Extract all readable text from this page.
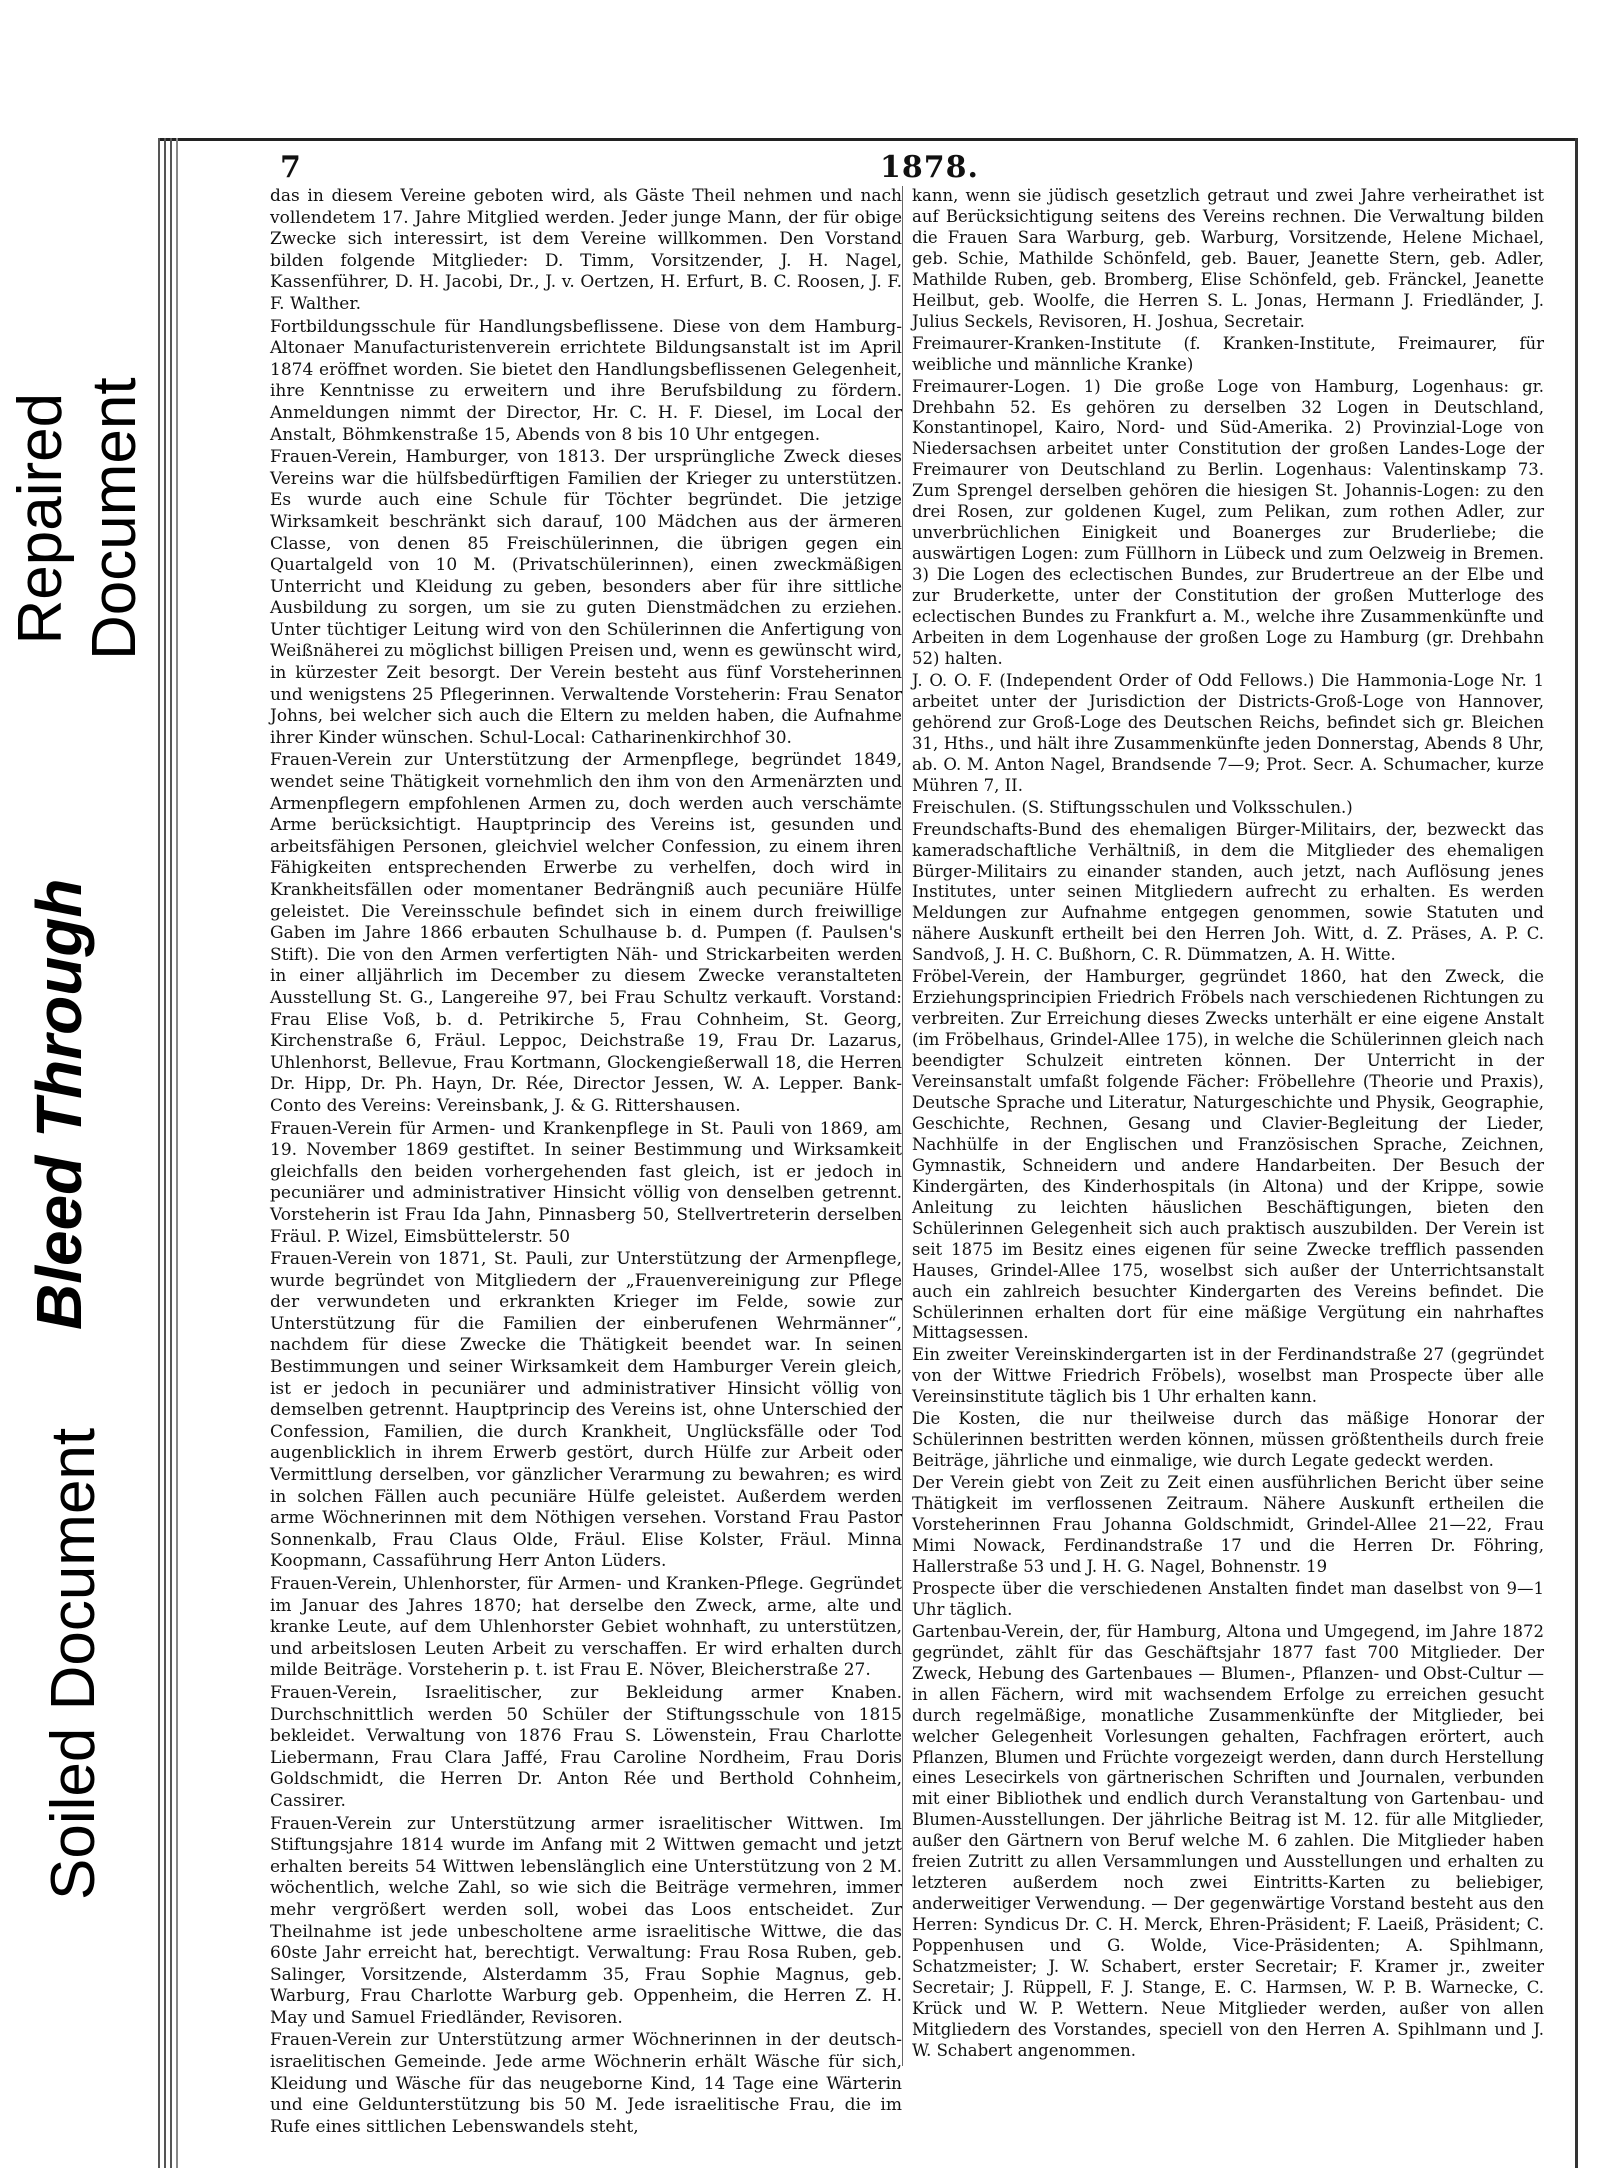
Soiled Document
Bleed Through
Repaired Document
7	1878.

das in diesem Vereine geboten wird, als Gäste Theil nehmen und nach vollendetem 17. Jahre Mitglied werden. Jeder junge Mann, der für obige Zwecke sich interessirt, ist dem Vereine willkommen. Den Vorstand bilden folgende Mitglieder: D. Timm, Vorsitzender, J. H. Nagel, Kassenführer, D. H. Jacobi, Dr., J. v. Oertzen, H. Erfurt, B. C. Roosen, J. F. F. Walther.

Fortbildungsschule für Handlungsbeflissene. Diese von dem Hamburg-Altonaer Manufacturistenverein errichtete Bildungsanstalt ist im April 1874 eröffnet worden. Sie bietet den Handlungsbeflissenen Gelegenheit, ihre Kenntnisse zu erweitern und ihre Berufsbildung zu fördern. Anmeldungen nimmt der Director, Hr. C. H. F. Diesel, im Local der Anstalt, Böhmkenstraße 15, Abends von 8 bis 10 Uhr entgegen.

Frauen-Verein, Hamburger, von 1813. Der ursprüngliche Zweck dieses Vereins war die hülfsbedürftigen Familien der Krieger zu unterstützen. Es wurde auch eine Schule für Töchter begründet. Die jetzige Wirksamkeit beschränkt sich darauf, 100 Mädchen aus der ärmeren Classe, von denen 85 Freischülerinnen, die übrigen gegen ein Quartalgeld von 10 M. (Privatschülerinnen), einen zweckmäßigen Unterricht und Kleidung zu geben, besonders aber für ihre sittliche Ausbildung zu sorgen, um sie zu guten Dienstmädchen zu erziehen. Unter tüchtiger Leitung wird von den Schülerinnen die Anfertigung von Weißnäherei zu möglichst billigen Preisen und, wenn es gewünscht wird, in kürzester Zeit besorgt. Der Verein besteht aus fünf Vorsteherinnen und wenigstens 25 Pflegerinnen. Verwaltende Vorsteherin: Frau Senator Johns, bei welcher sich auch die Eltern zu melden haben, die Aufnahme ihrer Kinder wünschen. Schul-Local: Catharinenkirchhof 30.

Frauen-Verein zur Unterstützung der Armenpflege, begründet 1849, wendet seine Thätigkeit vornehmlich den ihm von den Armenärzten und Armenpflegern empfohlenen Armen zu, doch werden auch verschämte Arme berücksichtigt. Hauptprincip des Vereins ist, gesunden und arbeitsfähigen Personen, gleichviel welcher Confession, zu einem ihren Fähigkeiten entsprechenden Erwerbe zu verhelfen, doch wird in Krankheitsfällen oder momentaner Bedrängniß auch pecuniäre Hülfe geleistet. Die Vereinsschule befindet sich in einem durch freiwillige Gaben im Jahre 1866 erbauten Schulhause b. d. Pumpen (f. Paulsen's Stift). Die von den Armen verfertigten Näh- und Strickarbeiten werden in einer alljährlich im December zu diesem Zwecke veranstalteten Ausstellung St. G., Langereihe 97, bei Frau Schultz verkauft. Vorstand: Frau Elise Voß, b. d. Petrikirche 5, Frau Cohnheim, St. Georg, Kirchenstraße 6, Fräul. Leppoc, Deichstraße 19, Frau Dr. Lazarus, Uhlenhorst, Bellevue, Frau Kortmann, Glockengießerwall 18, die Herren Dr. Hipp, Dr. Ph. Hayn, Dr. Rée, Director Jessen, W. A. Lepper. Bank-Conto des Vereins: Vereinsbank, J. & G. Rittershausen.

Frauen-Verein für Armen- und Krankenpflege in St. Pauli von 1869, am 19. November 1869 gestiftet. In seiner Bestimmung und Wirksamkeit gleichfalls den beiden vorhergehenden fast gleich, ist er jedoch in pecuniärer und administrativer Hinsicht völlig von denselben getrennt. Vorsteherin ist Frau Ida Jahn, Pinnasberg 50, Stellvertreterin derselben Fräul. P. Wizel, Eimsbüttelerstr. 50

Frauen-Verein von 1871, St. Pauli, zur Unterstützung der Armenpflege, wurde begründet von Mitgliedern der „Frauenvereinigung zur Pflege der verwundeten und erkrankten Krieger im Felde, sowie zur Unterstützung für die Familien der einberufenen Wehrmänner“, nachdem für diese Zwecke die Thätigkeit beendet war. In seinen Bestimmungen und seiner Wirksamkeit dem Hamburger Verein gleich, ist er jedoch in pecuniärer und administrativer Hinsicht völlig von demselben getrennt. Hauptprincip des Vereins ist, ohne Unterschied der Confession, Familien, die durch Krankheit, Unglücksfälle oder Tod augenblicklich in ihrem Erwerb gestört, durch Hülfe zur Arbeit oder Vermittlung derselben, vor gänzlicher Verarmung zu bewahren; es wird in solchen Fällen auch pecuniäre Hülfe geleistet. Außerdem werden arme Wöchnerinnen mit dem Nöthigen versehen. Vorstand Frau Pastor Sonnenkalb, Frau Claus Olde, Fräul. Elise Kolster, Fräul. Minna Koopmann, Cassaführung Herr Anton Lüders.

Frauen-Verein, Uhlenhorster, für Armen- und Kranken-Pflege. Gegründet im Januar des Jahres 1870; hat derselbe den Zweck, arme, alte und kranke Leute, auf dem Uhlenhorster Gebiet wohnhaft, zu unterstützen, und arbeitslosen Leuten Arbeit zu verschaffen. Er wird erhalten durch milde Beiträge. Vorsteherin p. t. ist Frau E. Növer, Bleicherstraße 27.

Frauen-Verein, Israelitischer, zur Bekleidung armer Knaben. Durchschnittlich werden 50 Schüler der Stiftungsschule von 1815 bekleidet. Verwaltung von 1876 Frau S. Löwenstein, Frau Charlotte Liebermann, Frau Clara Jaffé, Frau Caroline Nordheim, Frau Doris Goldschmidt, die Herren Dr. Anton Rée und Berthold Cohnheim, Cassirer.

Frauen-Verein zur Unterstützung armer israelitischer Wittwen. Im Stiftungsjahre 1814 wurde im Anfang mit 2 Wittwen gemacht und jetzt erhalten bereits 54 Wittwen lebenslänglich eine Unterstützung von 2 M. wöchentlich, welche Zahl, so wie sich die Beiträge vermehren, immer mehr vergrößert werden soll, wobei das Loos entscheidet. Zur Theilnahme ist jede unbescholtene arme israelitische Wittwe, die das 60ste Jahr erreicht hat, berechtigt. Verwaltung: Frau Rosa Ruben, geb. Salinger, Vorsitzende, Alsterdamm 35, Frau Sophie Magnus, geb. Warburg, Frau Charlotte Warburg geb. Oppenheim, die Herren Z. H. May und Samuel Friedländer, Revisoren.

Frauen-Verein zur Unterstützung armer Wöchnerinnen in der deutsch-israelitischen Gemeinde. Jede arme Wöchnerin erhält Wäsche für sich, Kleidung und Wäsche für das neugeborne Kind, 14 Tage eine Wärterin und eine Geldunterstützung bis 50 M. Jede israelitische Frau, die im Rufe eines sittlichen Lebenswandels steht,

kann, wenn sie jüdisch gesetzlich getraut und zwei Jahre verheirathet ist auf Berücksichtigung seitens des Vereins rechnen. Die Verwaltung bilden die Frauen Sara Warburg, geb. Warburg, Vorsitzende, Helene Michael, geb. Schie, Mathilde Schönfeld, geb. Bauer, Jeanette Stern, geb. Adler, Mathilde Ruben, geb. Bromberg, Elise Schönfeld, geb. Fränckel, Jeanette Heilbut, geb. Woolfe, die Herren S. L. Jonas, Hermann J. Friedländer, J. Julius Seckels, Revisoren, H. Joshua, Secretair.

Freimaurer-Kranken-Institute (f. Kranken-Institute, Freimaurer, für weibliche und männliche Kranke)

Freimaurer-Logen. 1) Die große Loge von Hamburg, Logenhaus: gr. Drehbahn 52. Es gehören zu derselben 32 Logen in Deutschland, Konstantinopel, Kairo, Nord- und Süd-Amerika. 2) Provinzial-Loge von Niedersachsen arbeitet unter Constitution der großen Landes-Loge der Freimaurer von Deutschland zu Berlin. Logenhaus: Valentinskamp 73. Zum Sprengel derselben gehören die hiesigen St. Johannis-Logen: zu den drei Rosen, zur goldenen Kugel, zum Pelikan, zum rothen Adler, zur unverbrüchlichen Einigkeit und Boanerges zur Bruderliebe; die auswärtigen Logen: zum Füllhorn in Lübeck und zum Oelzweig in Bremen. 3) Die Logen des eclectischen Bundes, zur Brudertreue an der Elbe und zur Bruderkette, unter der Constitution der großen Mutterloge des eclectischen Bundes zu Frankfurt a. M., welche ihre Zusammenkünfte und Arbeiten in dem Logenhause der großen Loge zu Hamburg (gr. Drehbahn 52) halten.

J. O. O. F. (Independent Order of Odd Fellows.) Die Hammonia-Loge Nr. 1 arbeitet unter der Jurisdiction der Districts-Groß-Loge von Hannover, gehörend zur Groß-Loge des Deutschen Reichs, befindet sich gr. Bleichen 31, Hths., und hält ihre Zusammenkünfte jeden Donnerstag, Abends 8 Uhr, ab. O. M. Anton Nagel, Brandsende 7—9; Prot. Secr. A. Schumacher, kurze Mühren 7, II.

Freischulen. (S. Stiftungsschulen und Volksschulen.)

Freundschafts-Bund des ehemaligen Bürger-Militairs, der, bezweckt das kameradschaftliche Verhältniß, in dem die Mitglieder des ehemaligen Bürger-Militairs zu einander standen, auch jetzt, nach Auflösung jenes Institutes, unter seinen Mitgliedern aufrecht zu erhalten. Es werden Meldungen zur Aufnahme entgegen genommen, sowie Statuten und nähere Auskunft ertheilt bei den Herren Joh. Witt, d. Z. Präses, A. P. C. Sandvoß, J. H. C. Bußhorn, C. R. Dümmatzen, A. H. Witte.

Fröbel-Verein, der Hamburger, gegründet 1860, hat den Zweck, die Erziehungsprincipien Friedrich Fröbels nach verschiedenen Richtungen zu verbreiten. Zur Erreichung dieses Zwecks unterhält er eine eigene Anstalt (im Fröbelhaus, Grindel-Allee 175), in welche die Schülerinnen gleich nach beendigter Schulzeit eintreten können. Der Unterricht in der Vereinsanstalt umfaßt folgende Fächer: Fröbellehre (Theorie und Praxis), Deutsche Sprache und Literatur, Naturgeschichte und Physik, Geographie, Geschichte, Rechnen, Gesang und Clavier-Begleitung der Lieder, Nachhülfe in der Englischen und Französischen Sprache, Zeichnen, Gymnastik, Schneidern und andere Handarbeiten. Der Besuch der Kindergärten, des Kinderhospitals (in Altona) und der Krippe, sowie Anleitung zu leichten häuslichen Beschäftigungen, bieten den Schülerinnen Gelegenheit sich auch praktisch auszubilden. Der Verein ist seit 1875 im Besitz eines eigenen für seine Zwecke trefflich passenden Hauses, Grindel-Allee 175, woselbst sich außer der Unterrichtsanstalt auch ein zahlreich besuchter Kindergarten des Vereins befindet. Die Schülerinnen erhalten dort für eine mäßige Vergütung ein nahrhaftes Mittagsessen.

Ein zweiter Vereinskindergarten ist in der Ferdinandstraße 27 (gegründet von der Wittwe Friedrich Fröbels), woselbst man Prospecte über alle Vereinsinstitute täglich bis 1 Uhr erhalten kann.

Die Kosten, die nur theilweise durch das mäßige Honorar der Schülerinnen bestritten werden können, müssen größtentheils durch freie Beiträge, jährliche und einmalige, wie durch Legate gedeckt werden.

Der Verein giebt von Zeit zu Zeit einen ausführlichen Bericht über seine Thätigkeit im verflossenen Zeitraum. Nähere Auskunft ertheilen die Vorsteherinnen Frau Johanna Goldschmidt, Grindel-Allee 21—22, Frau Mimi Nowack, Ferdinandstraße 17 und die Herren Dr. Föhring, Hallerstraße 53 und J. H. G. Nagel, Bohnenstr. 19

Prospecte über die verschiedenen Anstalten findet man daselbst von 9—1 Uhr täglich.

Gartenbau-Verein, der, für Hamburg, Altona und Umgegend, im Jahre 1872 gegründet, zählt für das Geschäftsjahr 1877 fast 700 Mitglieder. Der Zweck, Hebung des Gartenbaues — Blumen-, Pflanzen- und Obst-Cultur — in allen Fächern, wird mit wachsendem Erfolge zu erreichen gesucht durch regelmäßige, monatliche Zusammenkünfte der Mitglieder, bei welcher Gelegenheit Vorlesungen gehalten, Fachfragen erörtert, auch Pflanzen, Blumen und Früchte vorgezeigt werden, dann durch Herstellung eines Lesecirkels von gärtnerischen Schriften und Journalen, verbunden mit einer Bibliothek und endlich durch Veranstaltung von Gartenbau- und Blumen-Ausstellungen. Der jährliche Beitrag ist M. 12. für alle Mitglieder, außer den Gärtnern von Beruf welche M. 6 zahlen. Die Mitglieder haben freien Zutritt zu allen Versammlungen und Ausstellungen und erhalten zu letzteren außerdem noch zwei Eintritts-Karten zu beliebiger, anderweitiger Verwendung. — Der gegenwärtige Vorstand besteht aus den Herren: Syndicus Dr. C. H. Merck, Ehren-Präsident; F. Laeiß, Präsident; C. Poppenhusen und G. Wolde, Vice-Präsidenten; A. Spihlmann, Schatzmeister; J. W. Schabert, erster Secretair; F. Kramer jr., zweiter Secretair; J. Rüppell, F. J. Stange, E. C. Harmsen, W. P. B. Warnecke, C. Krück und W. P. Wettern. Neue Mitglieder werden, außer von allen Mitgliedern des Vorstandes, speciell von den Herren A. Spihlmann und J. W. Schabert angenommen.
